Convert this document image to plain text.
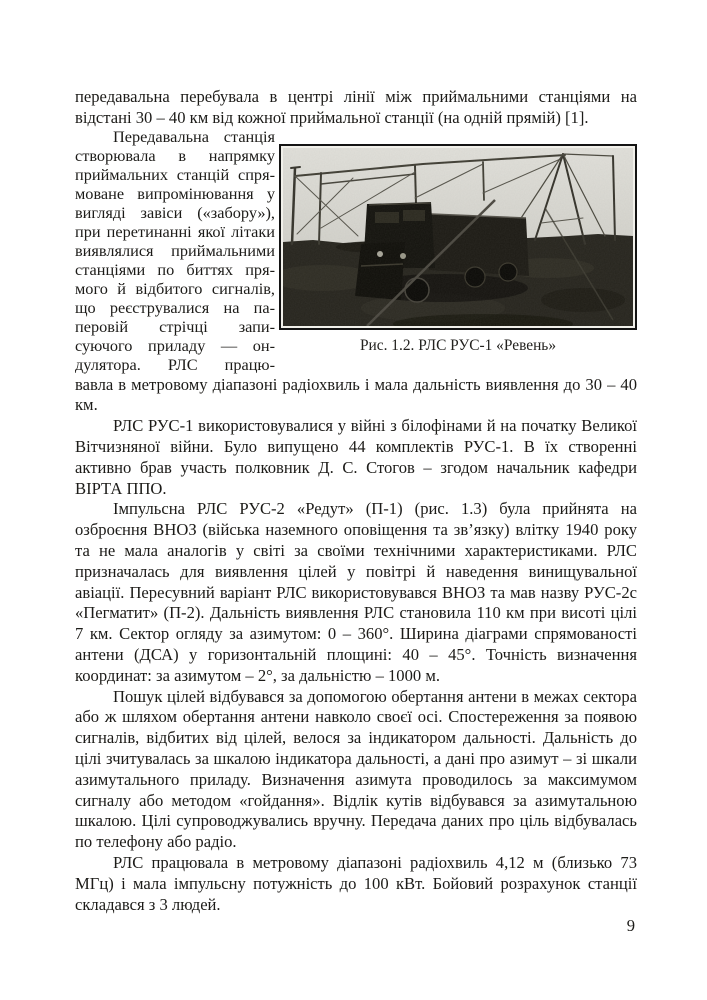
передавальна перебувала в центрі лінії між приймальними станціями на відстані 30 – 40 км від кожної приймальної станції (на одній прямій) [1].

Передавальна станція
створювала в напрямку
приймальних станцій спря-
моване випромінювання у
вигляді завіси («забору»),
при перетинанні якої літаки
виявлялися приймальними
станціями по биттях пря-
мого й відбитого сигналів,
що реєструвалися на па-
перовій стрічці запи-
суючого приладу — он-
дулятора. РЛС працю-
Рис. 1.2. РЛС РУС-1 «Ревень»
вавла в метровому діапазоні радіохвиль і мала дальність виявлення до 30 – 40 км.

РЛС РУС-1 використовувалися у війні з білофінами й на початку Великої Вітчизняної війни. Було випущено 44 комплектів РУС-1. В їх створенні активно брав участь полковник Д. С. Стогов – згодом начальник кафедри ВІРТА ППО.

Імпульсна РЛС РУС-2 «Редут» (П-1) (рис. 1.3) була прийнята на озброєння ВНОЗ (війська наземного оповіщення та зв’язку) влітку 1940 року та не мала аналогів у світі за своїми технічними характеристиками. РЛС призначалась для виявлення цілей у повітрі й наведення винищувальної авіації. Пересувний варіант РЛС використовувався ВНОЗ та мав назву РУС-2с «Пегматит» (П-2). Дальність виявлення РЛС становила 110 км при висоті цілі 7 км. Сектор огляду за азимутом: 0 – 360°. Ширина діаграми спрямованості антени (ДСА) у горизонтальній площині: 40 – 45°. Точність визначення координат: за азимутом – 2°, за дальністю – 1000 м.

Пошук цілей відбувався за допомогою обертання антени в межах сектора або ж шляхом обертання антени навколо своєї осі. Спостереження за появою сигналів, відбитих від цілей, велося за індикатором дальності. Дальність до цілі зчитувалась за шкалою індикатора дальності, а дані про азимут – зі шкали азимутального приладу. Визначення азимута проводилось за максимумом сигналу або методом «гойдання». Відлік кутів відбувався за азимутальною шкалою. Цілі супроводжувались вручну. Передача даних про ціль відбувалась по телефону або радіо.

РЛС працювала в метровому діапазоні радіохвиль 4,12 м (близько 73 МГц) і мала імпульсну потужність до 100 кВт. Бойовий розрахунок станції складався з 3 людей.

9
